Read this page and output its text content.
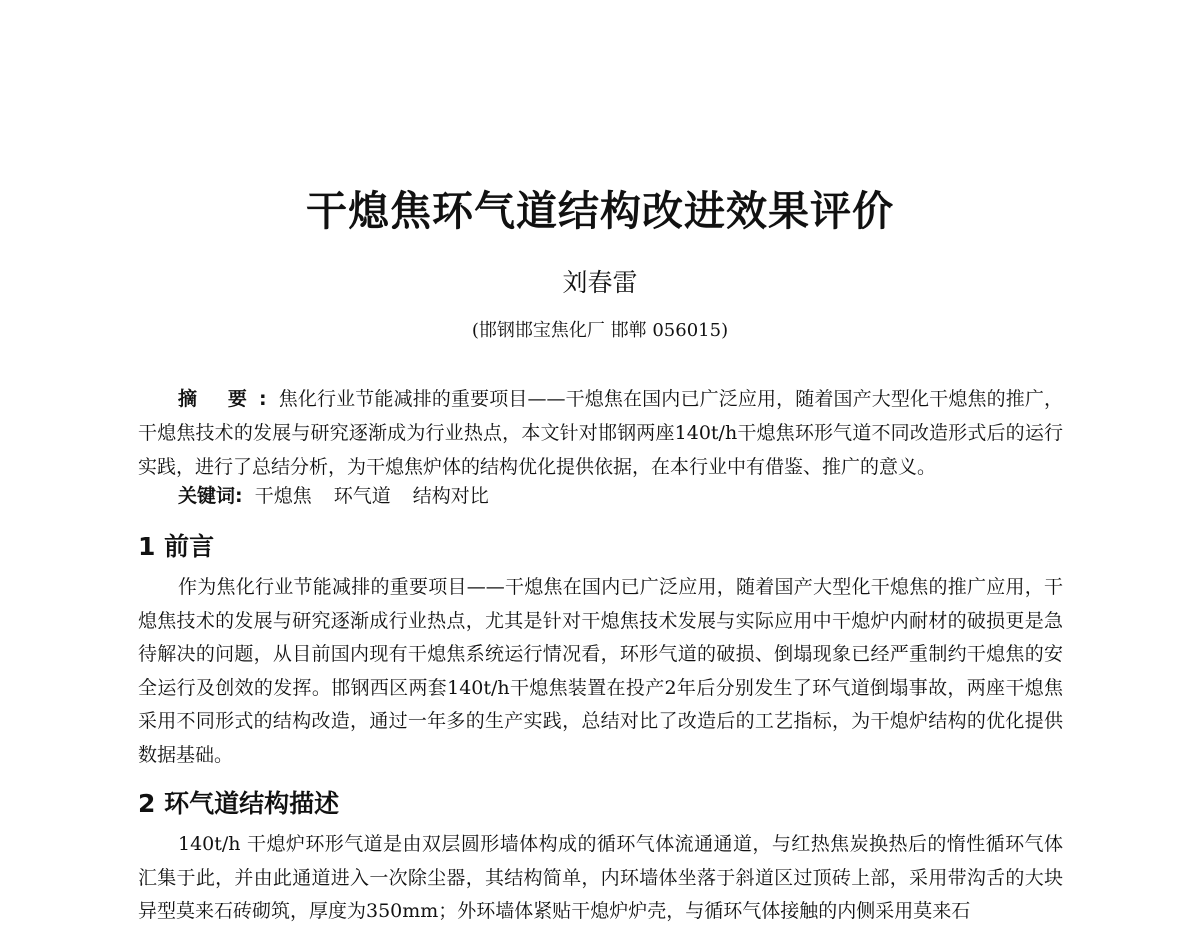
干熄焦环气道结构改进效果评价
刘春雷
(邯钢邯宝焦化厂 邯郸 056015)

摘 要:焦化行业节能减排的重要项目——干熄焦在国内已广泛应用，随着国产大型化干熄焦的推广，干熄焦技术的发展与研究逐渐成为行业热点，本文针对邯钢两座140t/h干熄焦环形气道不同改造形式后的运行实践，进行了总结分析，为干熄焦炉体的结构优化提供依据，在本行业中有借鉴、推广的意义。

关键词: 干熄焦 环气道 结构对比

1 前言

作为焦化行业节能减排的重要项目——干熄焦在国内已广泛应用，随着国产大型化干熄焦的推广应用，干熄焦技术的发展与研究逐渐成行业热点，尤其是针对干熄焦技术发展与实际应用中干熄炉内耐材的破损更是急待解决的问题，从目前国内现有干熄焦系统运行情况看，环形气道的破损、倒塌现象已经严重制约干熄焦的安全运行及创效的发挥。邯钢西区两套140t/h干熄焦装置在投产2年后分别发生了环气道倒塌事故，两座干熄焦采用不同形式的结构改造，通过一年多的生产实践，总结对比了改造后的工艺指标，为干熄炉结构的优化提供数据基础。

2 环气道结构描述

140t/h 干熄炉环形气道是由双层圆形墙体构成的循环气体流通通道，与红热焦炭换热后的惰性循环气体汇集于此，并由此通道进入一次除尘器，其结构简单，内环墙体坐落于斜道区过顶砖上部，采用带沟舌的大块异型莫来石砖砌筑，厚度为350mm；外环墙体紧贴干熄炉炉壳，与循环气体接触的内侧采用莫来石
